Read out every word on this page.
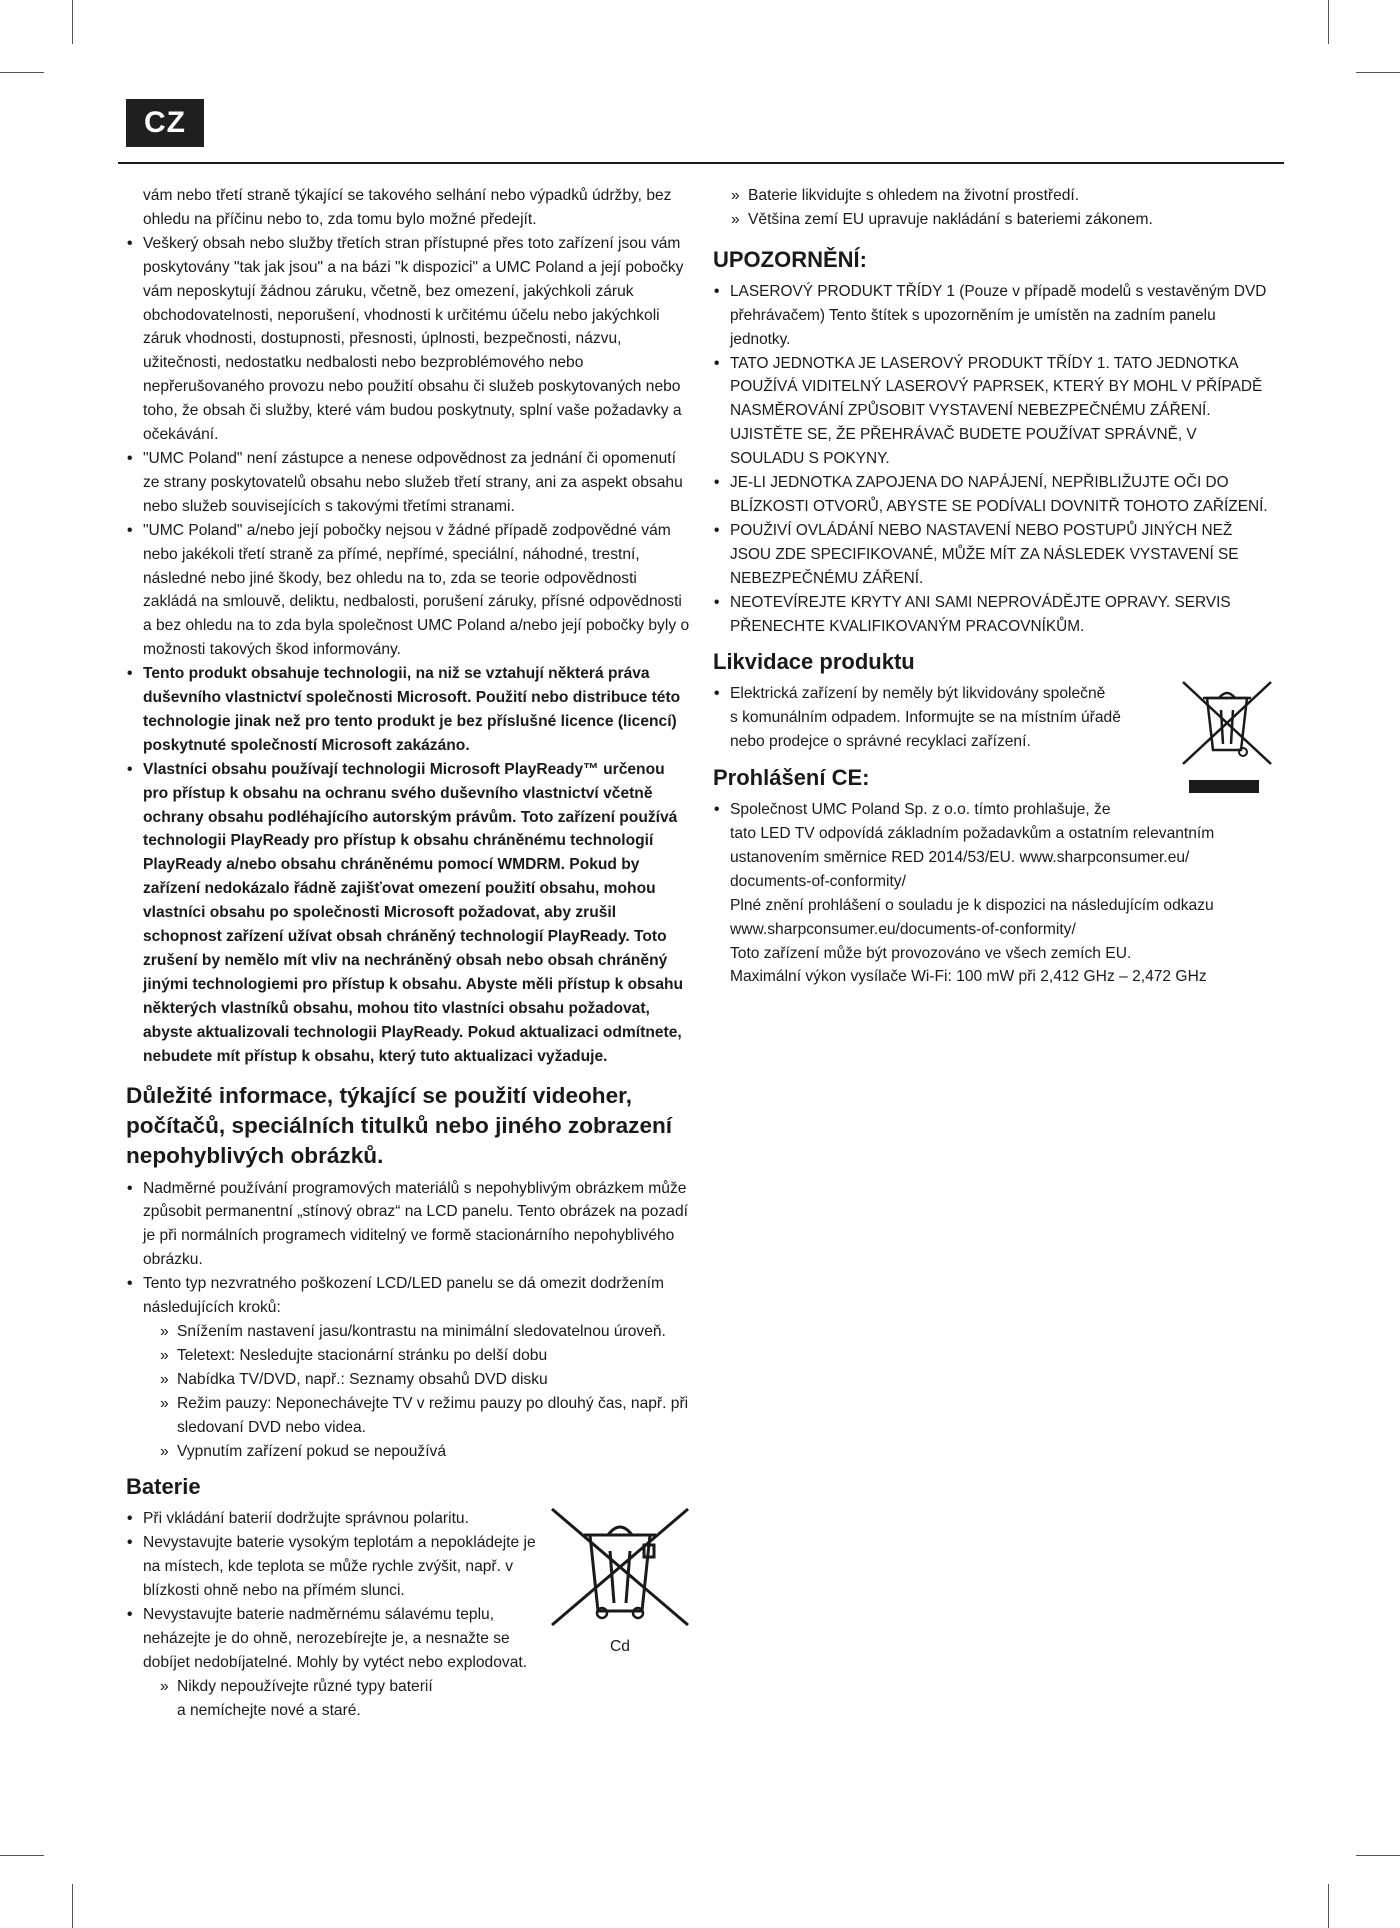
CZ

vám nebo třetí straně týkající se takového selhání nebo výpadků údržby, bez ohledu na příčinu nebo to, zda tomu bylo možné předejít.

• Veškerý obsah nebo služby třetích stran přístupné přes toto zařízení jsou vám poskytovány "tak jak jsou" a na bázi "k dispozici" a UMC Poland a její pobočky vám neposkytují žádnou záruku, včetně, bez omezení, jakýchkoli záruk obchodovatelnosti, neporušení, vhodnosti k určitému účelu nebo jakýchkoli záruk vhodnosti, dostupnosti, přesnosti, úplnosti, bezpečnosti, názvu, užitečnosti, nedostatku nedbalosti nebo bezproblémového nebo nepřerušovaného provozu nebo použití obsahu či služeb poskytovaných nebo toho, že obsah či služby, které vám budou poskytnuty, splní vaše požadavky a očekávání.
• "UMC Poland" není zástupce a nenese odpovědnost za jednání či opomenutí ze strany poskytovatelů obsahu nebo služeb třetí strany, ani za aspekt obsahu nebo služeb souvisejících s takovými třetími stranami.
• "UMC Poland" a/nebo její pobočky nejsou v žádné případě zodpovědné vám nebo jakékoli třetí straně za přímé, nepřímé, speciální, náhodné, trestní, následné nebo jiné škody, bez ohledu na to, zda se teorie odpovědnosti zakládá na smlouvě, deliktu, nedbalosti, porušení záruky, přísné odpovědnosti a bez ohledu na to zda byla společnost UMC Poland a/nebo její pobočky byly o možnosti takových škod informovány.
• Tento produkt obsahuje technologii, na niž se vztahují některá práva duševního vlastnictví společnosti Microsoft. Použití nebo distribuce této technologie jinak než pro tento produkt je bez příslušné licence (licencí) poskytnuté společností Microsoft zakázáno.
• Vlastníci obsahu používají technologii Microsoft PlayReady™ určenou pro přístup k obsahu na ochranu svého duševního vlastnictví včetně ochrany obsahu podléhajícího autorským právům. Toto zařízení používá technologii PlayReady pro přístup k obsahu chráněnému technologií PlayReady a/nebo obsahu chráněnému pomocí WMDRM. Pokud by zařízení nedokázalo řádně zajišťovat omezení použití obsahu, mohou vlastníci obsahu po společnosti Microsoft požadovat, aby zrušil schopnost zařízení užívat obsah chráněný technologií PlayReady. Toto zrušení by nemělo mít vliv na nechráněný obsah nebo obsah chráněný jinými technologiemi pro přístup k obsahu. Abyste měli přístup k obsahu některých vlastníků obsahu, mohou tito vlastníci obsahu požadovat, abyste aktualizovali technologii PlayReady. Pokud aktualizaci odmítnete, nebudete mít přístup k obsahu, který tuto aktualizaci vyžaduje.
Důležité informace, týkající se použití videoher, počítačů, speciálních titulků nebo jiného zobrazení nepohyblivých obrázků.
• Nadměrné používání programových materiálů s nepohyblivým obrázkem může způsobit permanentní „stínový obraz“ na LCD panelu. Tento obrázek na pozadí je při normálních programech viditelný ve formě stacionárního nepohyblivého obrázku.
• Tento typ nezvratného poškození LCD/LED panelu se dá omezit dodržením následujících kroků:
» Snížením nastavení jasu/kontrastu na minimální sledovatelnou úroveň.
» Teletext: Nesledujte stacionární stránku po delší dobu
» Nabídka TV/DVD, např.: Seznamy obsahů DVD disku
» Režim pauzy: Neponechávejte TV v režimu pauzy po dlouhý čas, např. při sledovaní DVD nebo videa.
» Vypnutím zařízení pokud se nepoužívá
Baterie
• Při vkládání baterií dodržujte správnou polaritu.
• Nevystavujte baterie vysokým teplotám a nepokládejte je na místech, kde teplota se může rychle zvýšit, např. v blízkosti ohně nebo na přímém slunci.
• Nevystavujte baterie nadměrnému sálavému teplu, neházejte je do ohně, nerozebírejte je, a nesnažte se dobíjet nedobíjatelné. Mohly by vytéct nebo explodovat.
» Nikdy nepoužívejte různé typy baterií
a nemíchejte nové a staré.
Cd
» Baterie likvidujte s ohledem na životní prostředí.
» Většina zemí EU upravuje nakládání s bateriemi zákonem.
UPOZORNĚNÍ:
• LASEROVÝ PRODUKT TŘÍDY 1 (Pouze v případě modelů s vestavěným DVD přehrávačem) Tento štítek s upozorněním je umístěn na zadním panelu jednotky.
• TATO JEDNOTKA JE LASEROVÝ PRODUKT TŘÍDY 1. TATO JEDNOTKA POUŽÍVÁ VIDITELNÝ LASEROVÝ PAPRSEK, KTERÝ BY MOHL V PŘÍPADĚ NASMĚROVÁNÍ ZPŮSOBIT VYSTAVENÍ NEBEZPEČNÉMU ZÁŘENÍ. UJISTĚTE SE, ŽE PŘEHRÁVAČ BUDETE POUŽÍVAT SPRÁVNĚ, V SOULADU S POKYNY.
• JE-LI JEDNOTKA ZAPOJENA DO NAPÁJENÍ, NEPŘIBLIŽUJTE OČI DO BLÍZKOSTI OTVORŮ, ABYSTE SE PODÍVALI DOVNITŘ TOHOTO ZAŘÍZENÍ.
• POUŽIVÍ OVLÁDÁNÍ NEBO NASTAVENÍ NEBO POSTUPŮ JINÝCH NEŽ JSOU ZDE SPECIFIKOVANÉ, MŮŽE MÍT ZA NÁSLEDEK VYSTAVENÍ SE NEBEZPEČNÉMU ZÁŘENÍ.
• NEOTEVÍREJTE KRYTY ANI SAMI NEPROVÁDĚJTE OPRAVY. SERVIS PŘENECHTE KVALIFIKOVANÝM PRACOVNÍKŮM.
Likvidace produktu
• Elektrická zařízení by neměly být likvidovány společně
s komunálním odpadem. Informujte se na místním úřadě
nebo prodejce o správné recyklaci zařízení.
Prohlášení CE:
• Společnost UMC Poland Sp. z o.o. tímto prohlašuje, že
tato LED TV odpovídá základním požadavkům a ostatním relevantním ustanovením směrnice RED 2014/53/EU. www.sharpconsumer.eu/
documents-of-conformity/
Plné znění prohlášení o souladu je k dispozici na následujícím odkazu www.sharpconsumer.eu/documents-of-conformity/
Toto zařízení může být provozováno ve všech zemích EU.
Maximální výkon vysílače Wi-Fi: 100 mW při 2,412 GHz – 2,472 GHz
